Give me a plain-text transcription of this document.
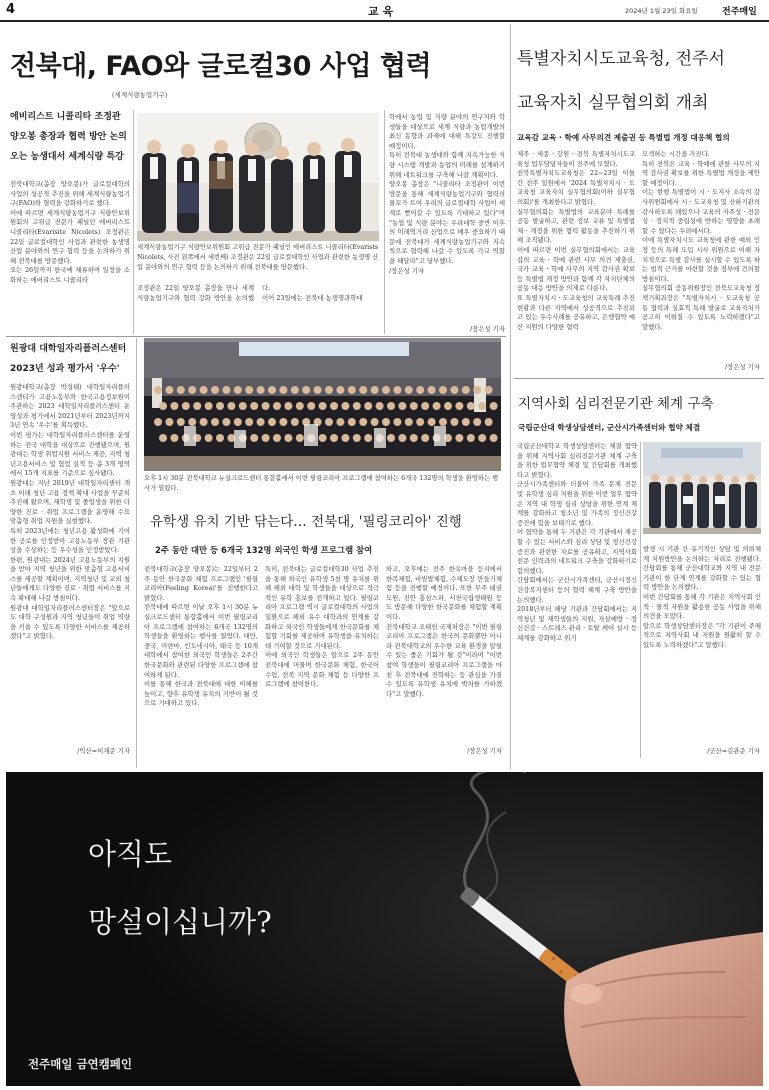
4	교 육	2024년 1월 23일 화요일	전주매일
전북대, FAO와 글로컬30 사업 협력
(세계식량농업기구)
에비리스트 니콜리타 조정관
양오봉 총장과 협력 방안 논의
오는 농생대서 세계식량 특강
전북대학교(총장 양오봉)가 글로컬대학의 사업의 성공적 추진을 위해 세계식량농업기구(FAO)와 협력을 강화하기로 했다.
이에 따르면 세계식량농업기구 식량안보위원회의 고위급 전문가 패널인 에버리스트 니콜리타(Evarisite Nicolets) 조정관은 22일 글로컬대학인 사업과 관련한 농생명 산업 분야와의 연구 협력 등을 논의하기 위해 전북대를 방문했다.
오는 26일까지 한국에 체류하며 일정을 소화하는 에버리스트 니콜리타
세계식량농업기구 식량안보위원회 고위급 전문가 패널인 에버리스트 니콜리타(Evarists Nicolets, 사진 왼쪽에서 세번째) 조정관은 22일 글로컬대학인 사업과 관련한 농생명 산업 분야와의 연구 협력 등을 논의하기 위해 전북대를 방문했다.
조정관은 22일 양오봉 총장을 만나 세계식량농업기구와 협력 강화 방안을 논의했다.
이어 23일에는 전북대 농생명과학대
학에서 농업 및 식량 분야의 연구자와 학생들을 대상으로 세계 식량과 농업개발의 최신 동향과 과제에 대해 특강도 진행할 예정이다.
특히 전북대 농생대와 함께 지속가능한 식량 시스템 개발과 농업의 미래를 설계하기 위해 네트워크를 구축해 나갈 계획이다.
양오봉 총장은 "니콜리타 조정관이 이번 방문을 통해 세계식량농업기구와 협력의 물꼬가 트여 우리의 글로컬대학 사업이 세계로 뻗어갈 수 있도록 기대하고 있다"며 "농업 및 식량 분야는 우리대학 중반 이후의 미래먹거리 산업으로 매우 중요하기 때문에 전북대가 세계식량농업기구와 지속적으로 협력해 나갈 수 있도록 가교 역할을 해달라"고 당부했다.
/장은성 기자
특별자치시도교육청, 전주서
교육자치 실무협의회 개최
교육감 교육 · 학예 사무의견 제출권 등 특별법 개정 대응책 협의
제주 · 세종 · 강원 · 전북 특별자치시도교육청 업무담당자들이 전주에 모였다.
전북특별자치도교육청은 22~23일 이틀간 전주 일원에서 '2024 특별자치시 · 도교육청 교육자치 실무협의회(이하 실무협의회)'를 개최한다고 밝혔다.
실무협의회는 특별법의 교육분야 특례를 공동 발굴하고, 관련 정보 교류 및 특별법 제 · 개정을 위한 협력 활동을 추진하기 위해 조직됐다.
이에 따르면 이번 실무협의회에서는 교육감의 교육 · 학예 관련 사무 의견 제출권, 국가 교육 · 학예 사무의 지역 감사권 확보 등 특별법 개정 방안과 함께 각 자치단체의 공동 대응 방안을 의제로 다룬다.
또 특별자치시 · 도교육청의 교육특례 추진현황과 다른 지역에서 성공적으로 추진되고 있는 우수사례를 공유하고, 은행협약 예산 지원의 다양한 협력
모색하는 시간을 가진다.
특히 전북은 교육 · 학예에 관한 사무의 지역 감사권 확보를 위한 특별법 개정을 제안할 예정이다.
이는 현행 특별법이 시 · 도지사 소속의 감사위원회에서 시 · 도교육청 및 산하기관의 감사하도록 돼있으나 교육의 자주성 · 전문성 · 정치적 중립성에 반하는 영향을 초래할 수 있다는 우려에서다.
이에 특별자치시도 교육청에 관한 예외 인정 등의 특례 도입 시사 위원으로 이해 자치적으로 특별 감사를 실시할 수 있도록 하는 법적 근거를 마련할 것을 정부에 건의할 방침이다.
실무협의회 공동위원장인 전북도교육청 정책기획과장은 "특별자치시 · 도교육청 공동 협력과 실효적 특례 발굴로 교육자치가 공고히 이뤄질 수 있도록 노력하겠다"고 말했다.
원광대 대학일자리플러스센터
2023년 성과 평가서 '우수'
원광대학교(총장 박성태) 대학일자리플러스센터가 고용노동부와 한국고용정보원이 주관하는 2023 대학일자리플러스센터 운영성과 평가에서 2021년부터 2023년까지 3년 연속 '우수'를 획득했다.
이번 평가는 대학일자리플러스센터를 운영하는 전국 대학을 대상으로 진행됐으며, 원광대는 학생 취업지원 서비스 제공, 지역 청년고용서비스 및 협업 실적 등 총 3개 영역에서 15개 지표를 기준으로 심사됐다.
원광대는 지난 2019년 대학일자리센터 개소 이래 청년 고용 정책 확대 사업을 꾸준히 추진해 왔으며, 재학생 및 졸업생을 위한 다양한 진로 · 취업 프로그램을 운영해 수요 맞춤형 취업 지원을 실현했다.
특히 2023년에는 청년고용 활성화에 기여한 공로를 인정받아 고용노동부 장관 기관상을 수상하는 등 우수성을 인정받았다.
한편, 원광대는 2024년 고용노동부의 지원을 받아 지역 청년을 위한 맞춤형 고용서비스를 제공할 계획이며, 지역청년 및 교외 청년들에게도 다양한 진로 · 취업 서비스를 지속 확대해 나갈 방침이다.
원광대 대학일자리플러스센터장은 "앞으로도 대학 구성원과 지역 청년들이 취업 역량을 키울 수 있도록 다양한 서비스를 제공하겠다"고 밝혔다.
오후 1시 30분 전북대학교 뉴실크로드센터 통합홀에서 이번 필링코리아 프로그램에 참여하는 6개국 132명의 학생을 환영하는 행사가 열렸다.
유학생 유치 기반 닦는다… 전북대, '필링코리아' 진행
2주 동안 대만 등 6개국 132명 외국인 학생 프로그램 참여
전북대학교(총장 양오봉)는 22일부터 2주 동안 한국문화 체험 프로그램인 '필링코리아(Feeling Korea)'를 진행한다고 밝혔다.
전북대에 따르면 이날 오후 1시 30분 뉴실크로드센터 통합홀에서 이번 필링코리아 프로그램에 참여하는 6개국 132명의 학생들을 환영하는 행사를 열었다. 대만, 중국, 미얀마, 인도네시아, 태국 등 10개 대학에서 참여한 외국인 학생들은 2주간 한국문화와 관련된 다양한 프로그램에 참여하게 된다.
이를 통해 한국과 전북대에 대한 이해를 높이고, 향후 유학생 유치의 기반이 될 것으로 기대하고 있다.
특히, 전북대는 글로컬대학30 사업 추진을 통해 외국인 유학생 5천 명 유치를 위해 해외 대학 및 학생들을 대상으로 적극적인 유학 홍보를 전개하고 있다. 필링코리아 프로그램 역시 글로컬대학의 사업의 일환으로 해외 유수 대학과의 연계를 강화하고 외국인 학생들에게 한국문화를 체험할 기회를 제공하며 유학생을 유치하는 데 기여할 것으로 기대된다.
이에 외국인 학생들은 앞으로 2주 동안 전북대에 머물며 한국문화 체험, 한국어 수업, 전북 지역 문화 체험 등 다양한 프로그램에 참여한다.
하고, 오후에는 전주 한옥마을 등지에서 한복체험, 비빔밥체험, 수제도장 만들기체험 등을 진행할 예정이다. 또한 무주 태권도원, 진안 홍삼스파, 서천국립생태원 등도 방문해 다양한 한국문화를 체험할 계획이다.
전북대학교 조태헌 국제처장은 "이번 필링코리아 프로그램은 한국의 문화뿐만 아니라 전북대학교의 우수한 교육 환경을 알릴 수 있는 좋은 기회가 될 것"이라며 "이번 참여 학생들이 필링코리아 프로그램을 마친 후 전북대에 진학하는 등 관심을 가질 수 있도록 유학생 유치에 박차를 가하겠다"고 말했다.
/장은성 기자
/장은성 기자
/익산=이재준 기자	/장은성 기자
지역사회 심리전문기관 체계 구축
국립군산대 학생상담센터, 군산시가족센터와 협약 체결
국립군산대학교 학생상담센터는 체결 협약을 위해 지역사회 심리전문기관 체계 구축을 위한 업무협약 체결 및 간담회를 개최했다고 밝혔다.
군산시가족센터와 더불어 가족 문제 전문 및 유학생 심리 지원을 위한 이번 업무 협약은 지역 내 학생 심리 상담을 위한 연계 체계를 강화하고 청소년 및 가족의 정신건강 증진에 힘을 보태기로 했다.
이 협약을 통해 두 기관은 각 기관에서 제공할 수 있는 서비스와 심리 상담 및 정신건강 증진과 관련한 자료를 공유하고, 지역사회 전문 인력과의 네트워크 구축을 강화하기로 합의했다.
간담회에서는 군산시가족센터, 군산시정신건강복지센터 등의 협력 체계 구축 방안을 논의했다.
2018년부터 해당 기관과 간담회에서는 지역청년 및 재학생들의 지원, 자살예방 · 정신건강 · 스트레스 관리 · 토탈 케어 실시 등 체계를 강화하고 위기
발생 시 기관 간 유기적인 상담 및 의뢰체계 지원방안을 논의하는 자리로 진행됐다. 간담회를 통해 군산대학교와 지역 내 전문기관이 한 단계 연계를 강화할 수 있는 협력 방안을 논의했다.
이번 간담회를 통해 각 기관은 지역사회 인적 · 물적 자원을 활용한 공동 사업을 위해 의견을 모았다.
앞으로 학생상담센터장은 "각 기관이 주체적으로 지역사회 내 지원을 원활히 할 수 있도록 노력하겠다"고 말했다.
/군산=김관준 기자
아직도
망설이십니까?
전주매일 금연캠페인
